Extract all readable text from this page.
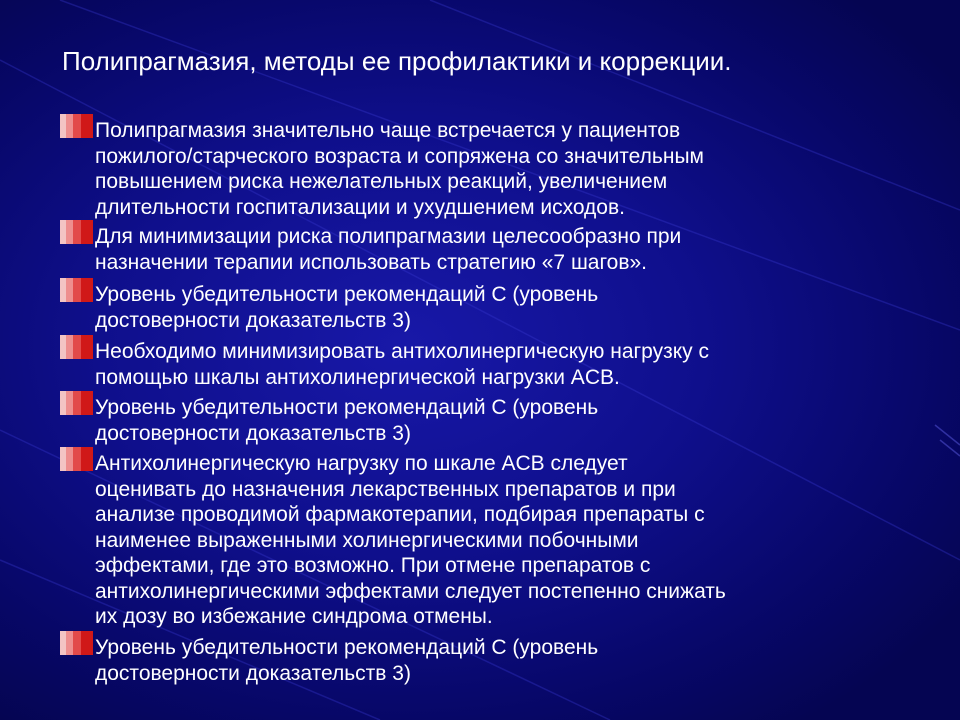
Полипрагмазия, методы ее профилактики и коррекции.
Полипрагмазия значительно чаще встречается у пациентов
пожилого/старческого возраста и сопряжена со значительным
повышением риска нежелательных реакций, увеличением
длительности госпитализации и ухудшением исходов.
Для минимизации риска полипрагмазии целесообразно при
назначении терапии использовать стратегию «7 шагов».
Уровень убедительности рекомендаций С (уровень
достоверности доказательств 3)
Необходимо минимизировать антихолинергическую нагрузку с
помощью шкалы антихолинергической нагрузки ACB.
Уровень убедительности рекомендаций С (уровень
достоверности доказательств 3)
Антихолинергическую нагрузку по шкале ACB следует
оценивать до назначения лекарственных препаратов и при
анализе проводимой фармакотерапии, подбирая препараты с
наименее выраженными холинергическими побочными
эффектами, где это возможно. При отмене препаратов с
антихолинергическими эффектами следует постепенно снижать
их дозу во избежание синдрома отмены.
Уровень убедительности рекомендаций С (уровень
достоверности доказательств 3)
